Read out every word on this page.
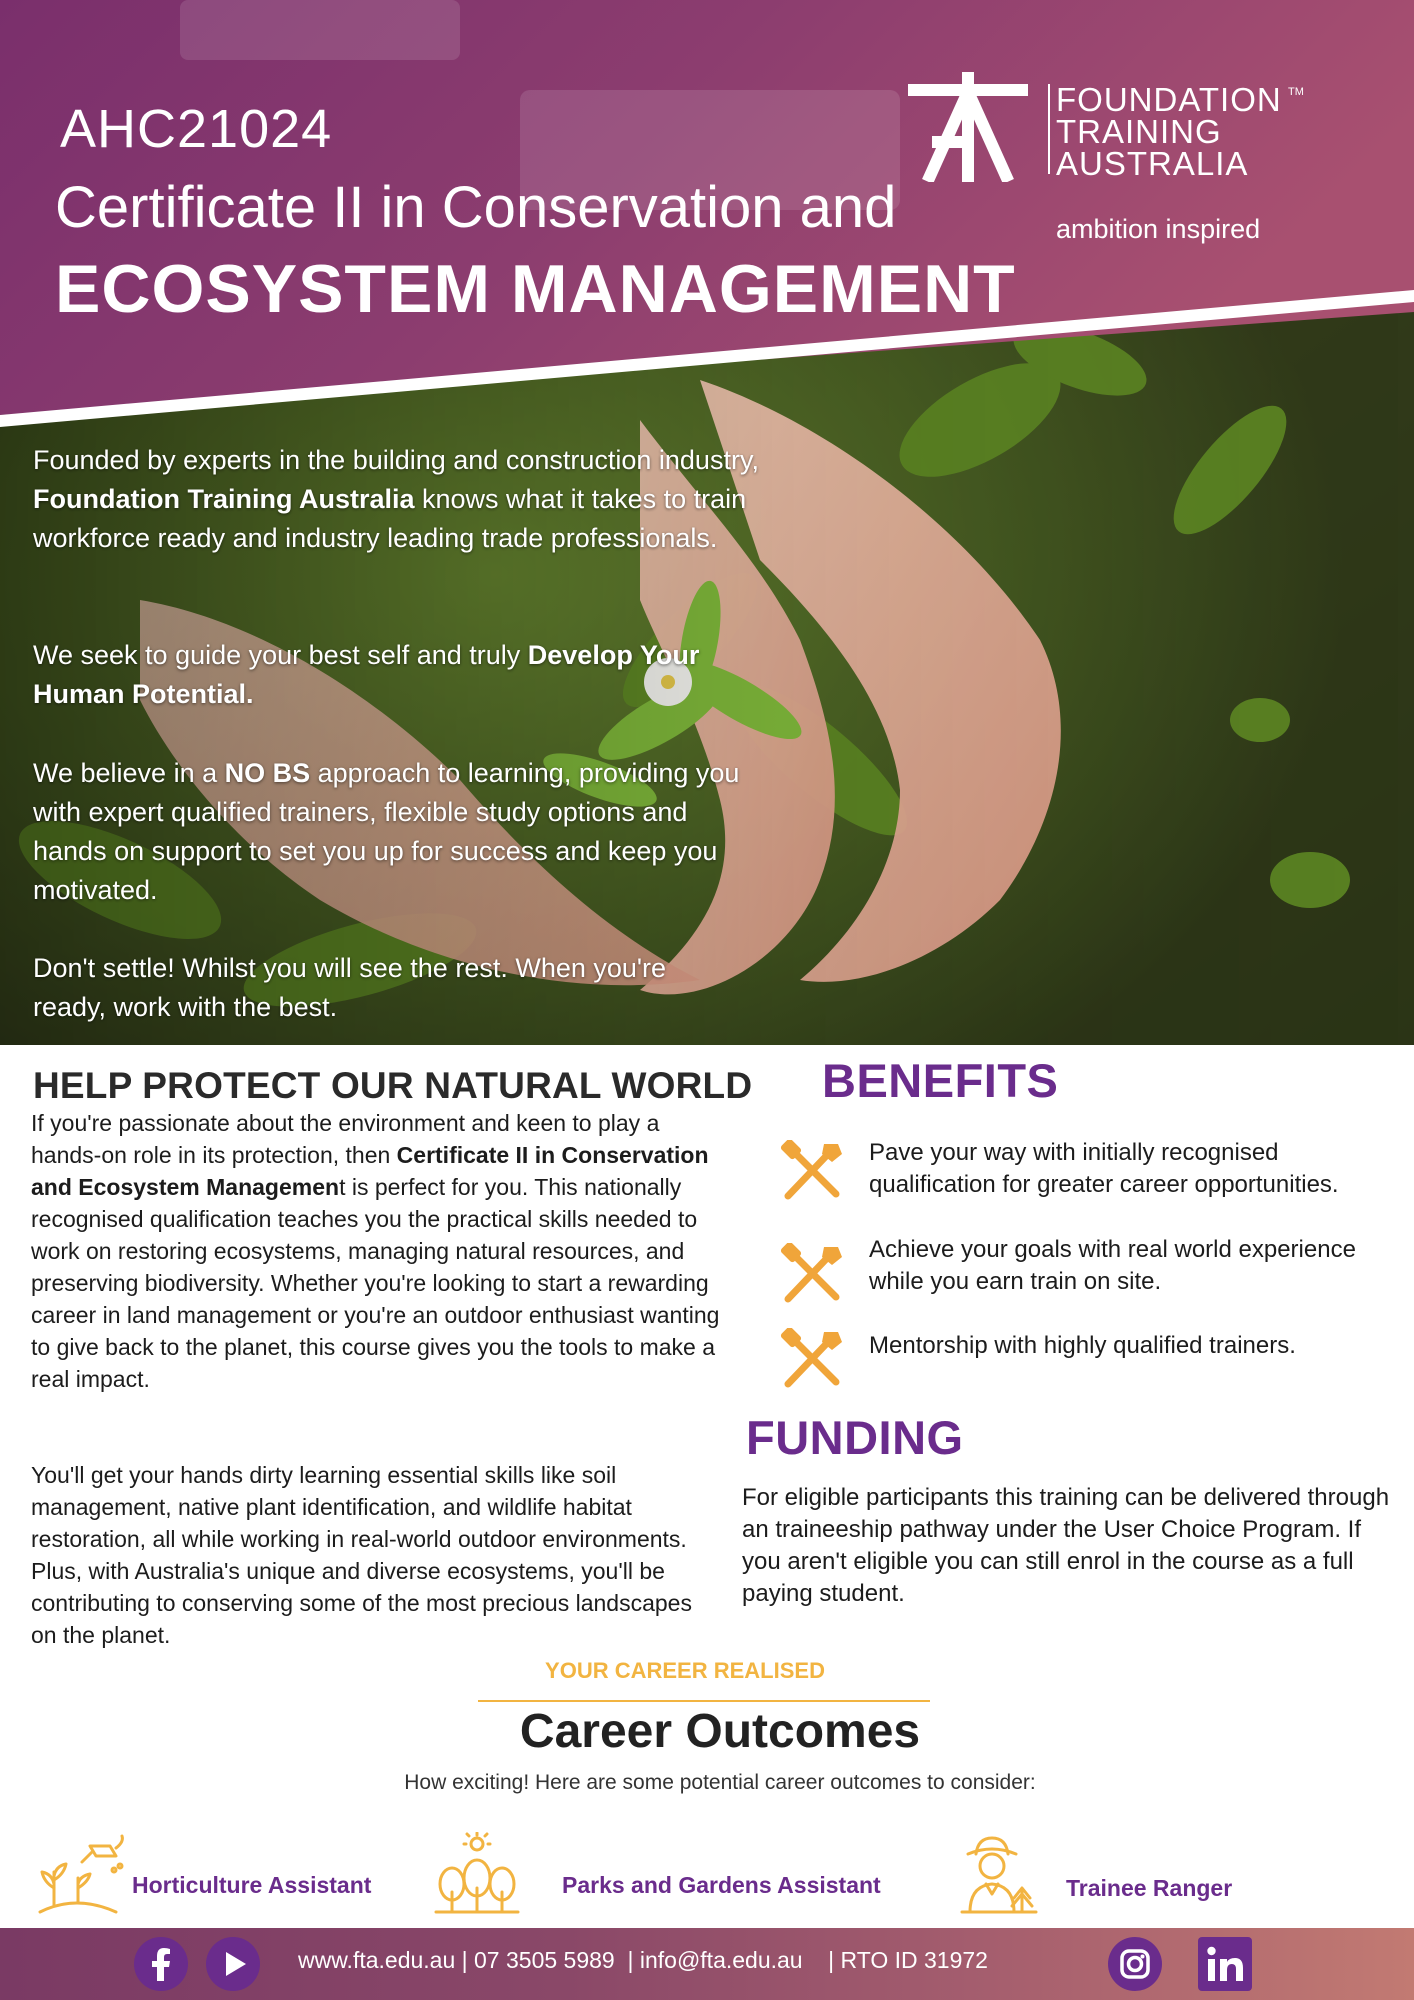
AHC21024
Certificate II in Conservation and
ECOSYSTEM MANAGEMENT
FOUNDATION
TRAINING
AUSTRALIA
TM
ambition inspired
Founded by experts in the building and construction industry, Foundation Training Australia knows what it takes to train workforce ready and industry leading trade professionals.
We seek to guide your best self and truly Develop Your Human Potential.
We believe in a NO BS approach to learning, providing you with expert qualified trainers, flexible study options and hands on support to set you up for success and keep you motivated.
Don't settle! Whilst you will see the rest. When you're ready, work with the best.
HELP PROTECT OUR NATURAL WORLD
If you're passionate about the environment and keen to play a hands-on role in its protection, then Certificate II in Conservation and Ecosystem Management is perfect for you. This nationally recognised qualification teaches you the practical skills needed to work on restoring ecosystems, managing natural resources, and preserving biodiversity. Whether you're looking to start a rewarding career in land management or you're an outdoor enthusiast wanting to give back to the planet, this course gives you the tools to make a real impact.
You'll get your hands dirty learning essential skills like soil management, native plant identification, and wildlife habitat restoration, all while working in real-world outdoor environments. Plus, with Australia's unique and diverse ecosystems, you'll be contributing to conserving some of the most precious landscapes on the planet.
BENEFITS
Pave your way with initially recognised qualification for greater career opportunities.
Achieve your goals with real world experience while you earn train on site.
Mentorship with highly qualified trainers.
FUNDING
For eligible participants this training can be delivered through an traineeship pathway under the User Choice Program. If you aren't eligible you can still enrol in the course as a full paying student.
YOUR CAREER REALISED
Career Outcomes
How exciting! Here are some potential career outcomes to consider:
Horticulture Assistant	Parks and Gardens Assistant	Trainee Ranger
www.fta.edu.au | 07 3505 5989  | info@fta.edu.au    | RTO ID 31972
